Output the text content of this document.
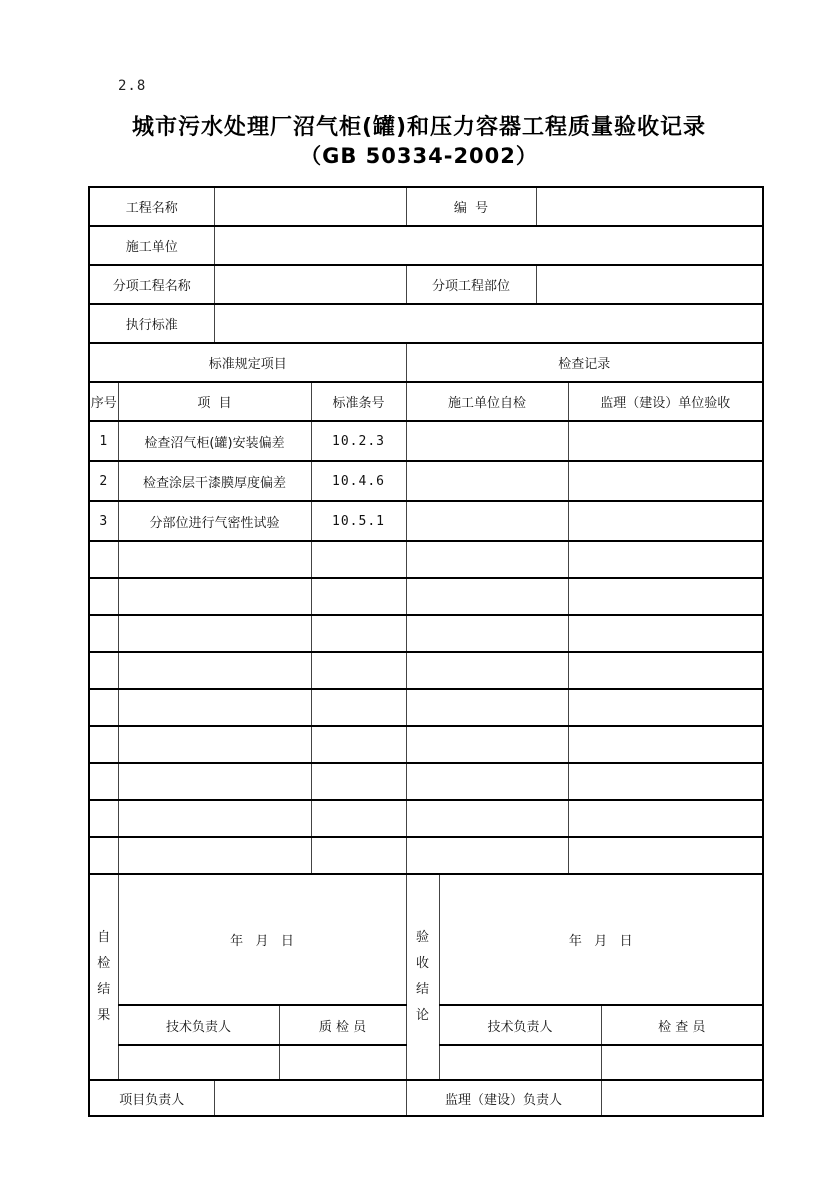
2.8
城市污水处理厂沼气柜(罐)和压力容器工程质量验收记录
（GB 50334-2002）
工程名称					编  号				
施工单位									
分项工程名称					分项工程部位				
执行标准									
标准规定项目					检查记录				
序号	项  目			标准条号	施工单位自检			监理（建设）单位验收	
1	检查沼气柜(罐)安装偏差			10.2.3					
2	检查涂层干漆膜厚度偏差			10.4.6					
3	分部位进行气密性试验			10.5.1					

自检结果	年   月   日				验收结论	年   月   日			
	技术负责人		质 检 员			技术负责人			检 查 员

项目负责人					监理（建设）负责人				
